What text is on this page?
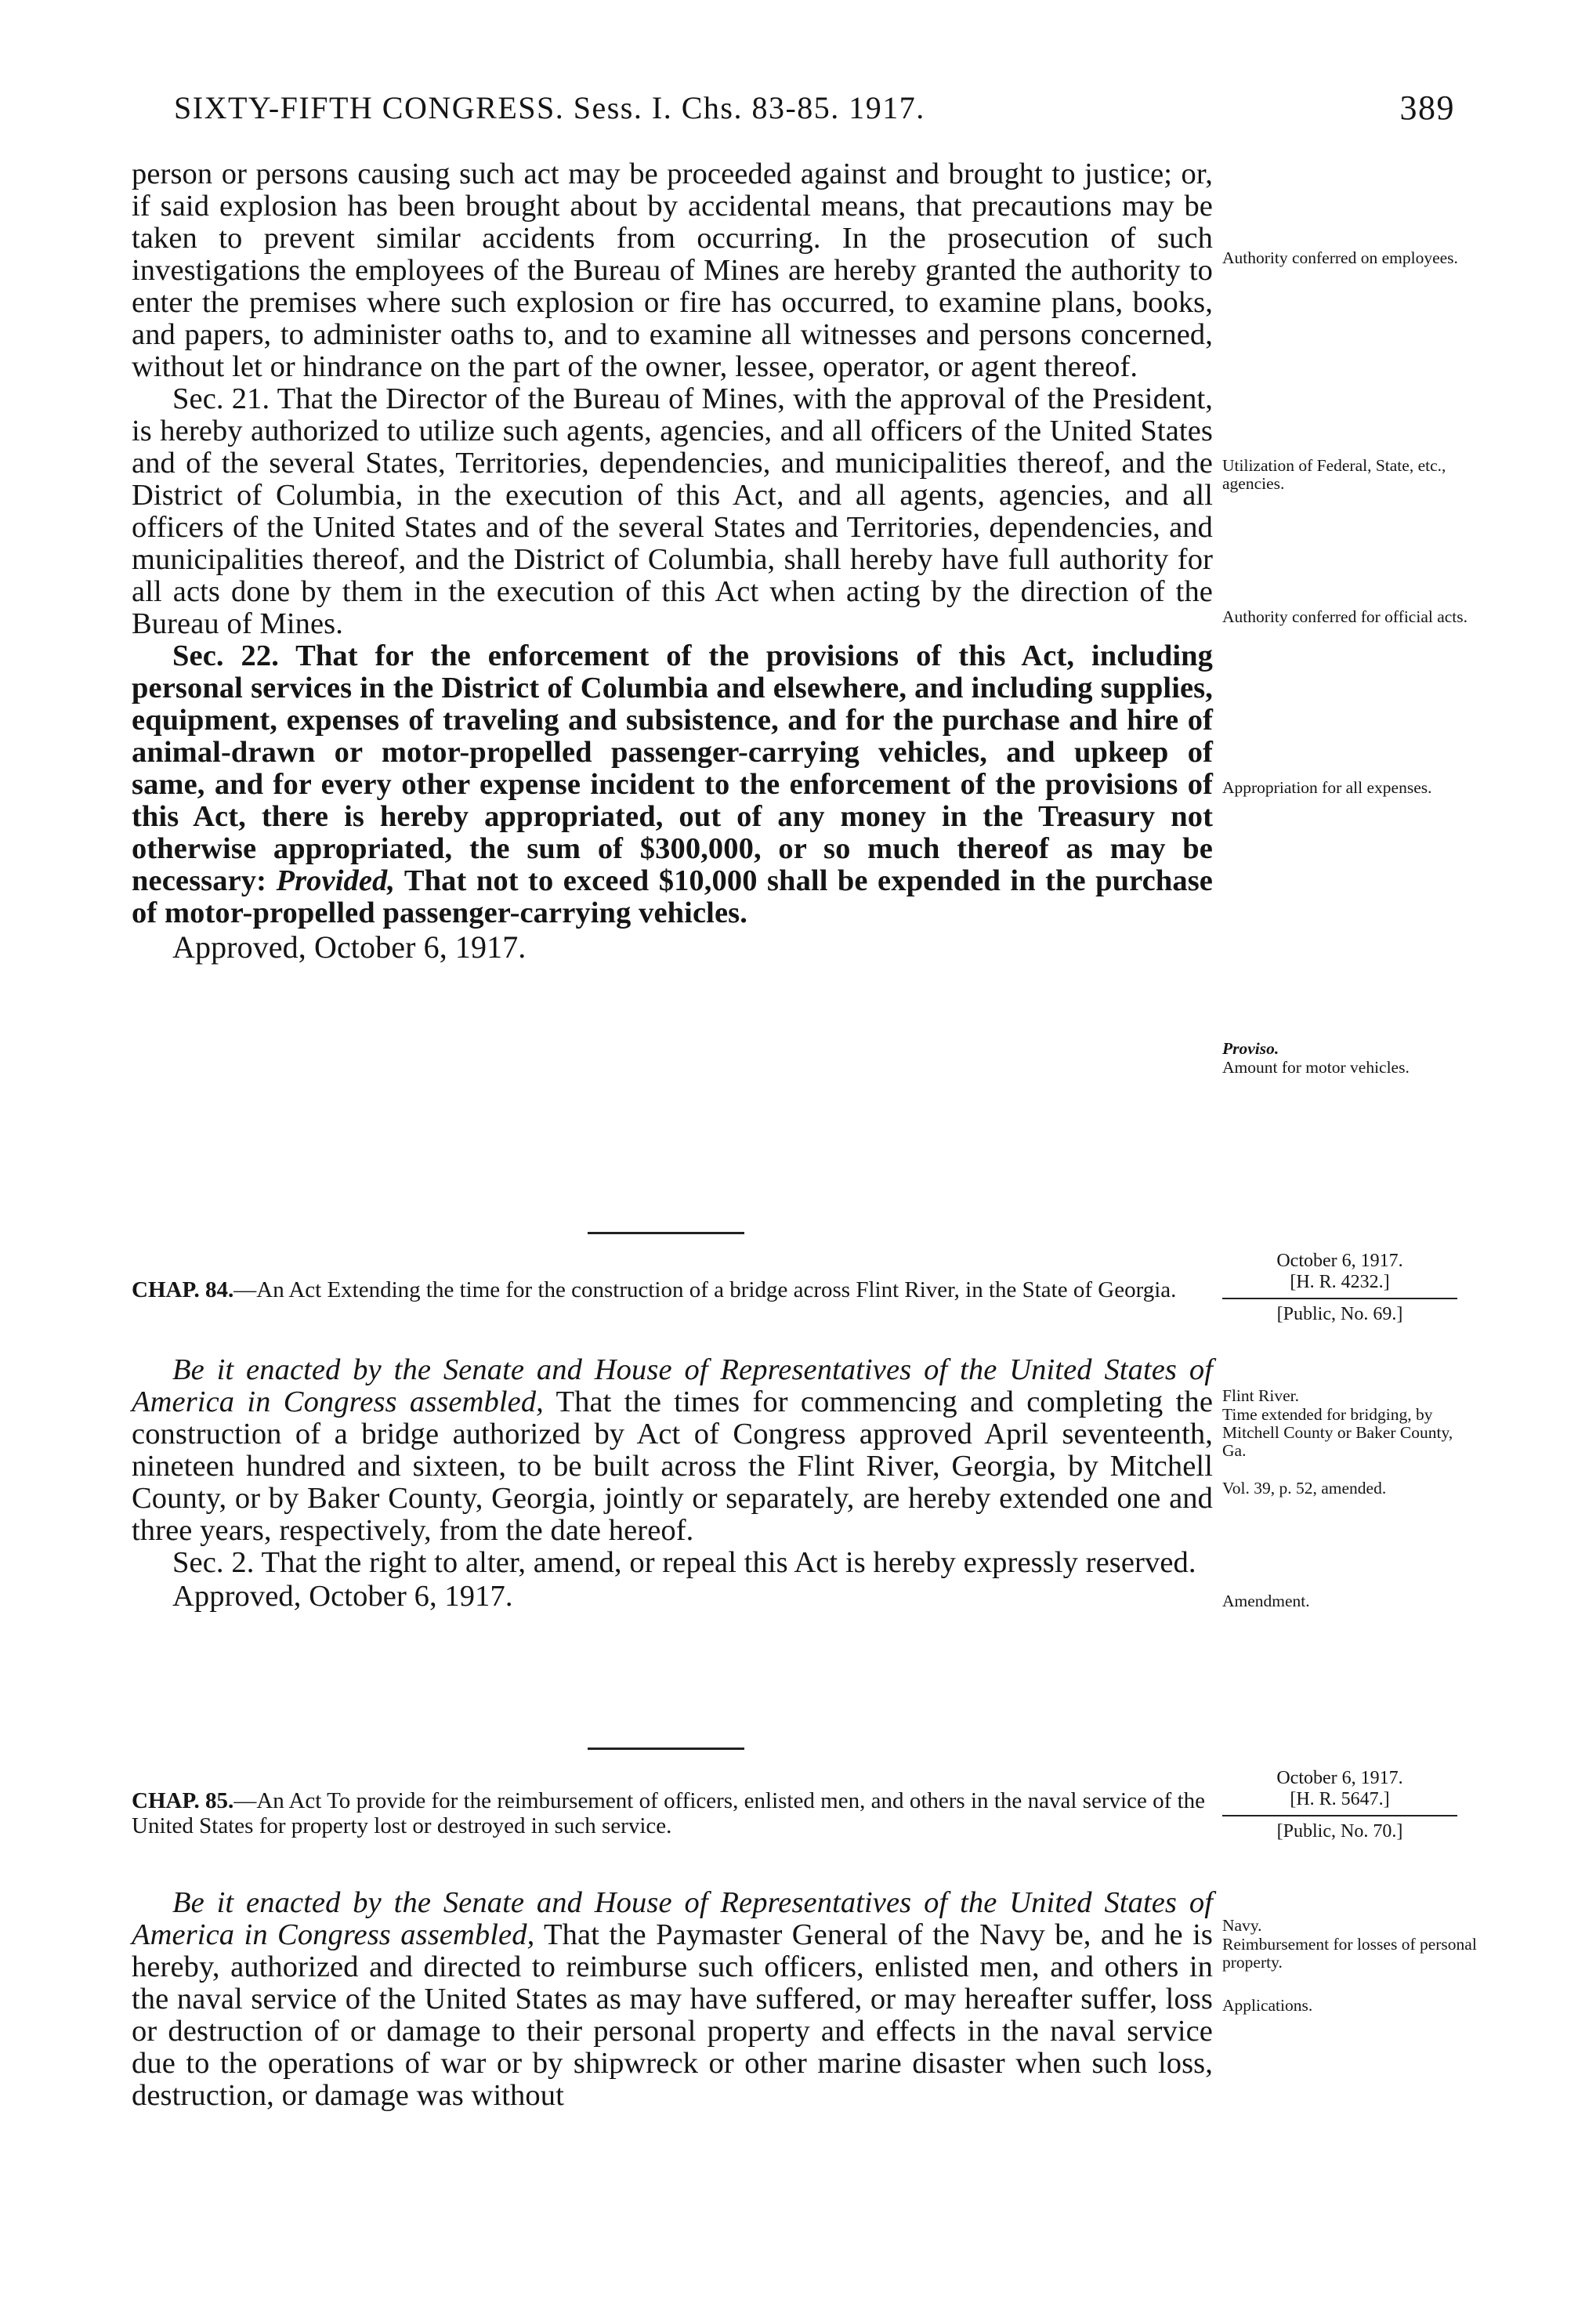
SIXTY-FIFTH CONGRESS. Sess. I. Chs. 83-85. 1917.	389

person or persons causing such act may be proceeded against and brought to justice; or, if said explosion has been brought about by accidental means, that precautions may be taken to prevent similar accidents from occurring. In the prosecution of such investigations the employees of the Bureau of Mines are hereby granted the authority to enter the premises where such explosion or fire has occurred, to examine plans, books, and papers, to administer oaths to, and to examine all witnesses and persons concerned, without let or hindrance on the part of the owner, lessee, operator, or agent thereof.

Sec. 21. That the Director of the Bureau of Mines, with the approval of the President, is hereby authorized to utilize such agents, agencies, and all officers of the United States and of the several States, Territories, dependencies, and municipalities thereof, and the District of Columbia, in the execution of this Act, and all agents, agencies, and all officers of the United States and of the several States and Territories, dependencies, and municipalities thereof, and the District of Columbia, shall hereby have full authority for all acts done by them in the execution of this Act when acting by the direction of the Bureau of Mines.

Sec. 22. That for the enforcement of the provisions of this Act, including personal services in the District of Columbia and elsewhere, and including supplies, equipment, expenses of traveling and subsistence, and for the purchase and hire of animal-drawn or motor-propelled passenger-carrying vehicles, and upkeep of same, and for every other expense incident to the enforcement of the provisions of this Act, there is hereby appropriated, out of any money in the Treasury not otherwise appropriated, the sum of $300,000, or so much thereof as may be necessary: Provided, That not to exceed $10,000 shall be expended in the purchase of motor-propelled passenger-carrying vehicles.

Approved, October 6, 1917.

Authority conferred on employees.
Utilization of Federal, State, etc., agencies.
Authority conferred for official acts.
Appropriation for all expenses.
Proviso.
Amount for motor vehicles.
October 6, 1917.
[H. R. 4232.]
[Public, No. 69.]
CHAP. 84.—An Act Extending the time for the construction of a bridge across Flint River, in the State of Georgia.

Be it enacted by the Senate and House of Representatives of the United States of America in Congress assembled, That the times for commencing and completing the construction of a bridge authorized by Act of Congress approved April seventeenth, nineteen hundred and sixteen, to be built across the Flint River, Georgia, by Mitchell County, or by Baker County, Georgia, jointly or separately, are hereby extended one and three years, respectively, from the date hereof.

Sec. 2. That the right to alter, amend, or repeal this Act is hereby expressly reserved.

Approved, October 6, 1917.

Flint River.
Time extended for bridging, by Mitchell County or Baker County, Ga.
Vol. 39, p. 52, amended.
Amendment.
October 6, 1917.
[H. R. 5647.]
[Public, No. 70.]
CHAP. 85.—An Act To provide for the reimbursement of officers, enlisted men, and others in the naval service of the United States for property lost or destroyed in such service.

Be it enacted by the Senate and House of Representatives of the United States of America in Congress assembled, That the Paymaster General of the Navy be, and he is hereby, authorized and directed to reimburse such officers, enlisted men, and others in the naval service of the United States as may have suffered, or may hereafter suffer, loss or destruction of or damage to their personal property and effects in the naval service due to the operations of war or by shipwreck or other marine disaster when such loss, destruction, or damage was without

Navy.
Reimbursement for losses of personal property.
Applications.
